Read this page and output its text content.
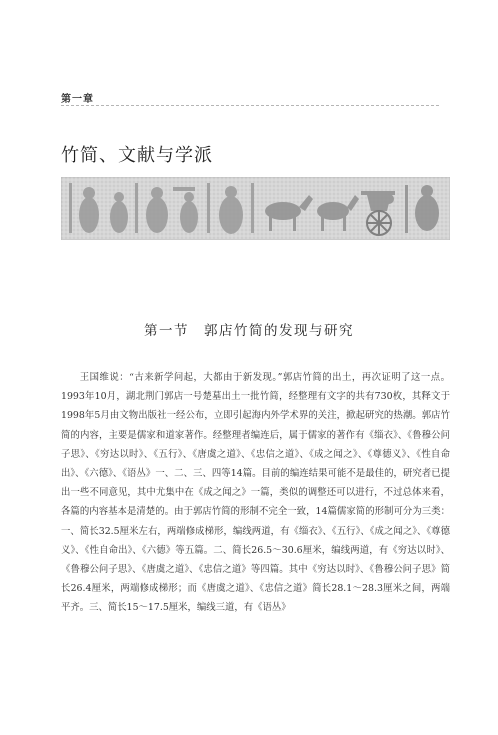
第一章
竹简、文献与学派
第一节　郭店竹简的发现与研究

王国维说：“古来新学问起，大都由于新发现。”郭店竹简的出土，再次证明了这一点。1993年10月，湖北荆门郭店一号楚墓出土一批竹简，经整理有文字的共有730枚，其释文于1998年5月由文物出版社一经公布，立即引起海内外学术界的关注，掀起研究的热潮。郭店竹简的内容，主要是儒家和道家著作。经整理者编连后，属于儒家的著作有《缁衣》、《鲁穆公问子思》、《穷达以时》、《五行》、《唐虞之道》、《忠信之道》、《成之闻之》、《尊德义》、《性自命出》、《六德》、《语丛》一、二、三、四等14篇。目前的编连结果可能不是最佳的，研究者已提出一些不同意见，其中尤集中在《成之闻之》一篇，类似的调整还可以进行，不过总体来看，各篇的内容基本是清楚的。由于郭店竹简的形制不完全一致，14篇儒家简的形制可分为三类：一、简长32.5厘米左右，两端修成梯形，编线两道，有《缁衣》、《五行》、《成之闻之》、《尊德义》、《性自命出》、《六德》等五篇。二、简长26.5～30.6厘米，编线两道，有《穷达以时》、《鲁穆公问子思》、《唐虞之道》、《忠信之道》等四篇。其中《穷达以时》、《鲁穆公问子思》简长26.4厘米，两端修成梯形；而《唐虞之道》、《忠信之道》简长28.1～28.3厘米之间，两端平齐。三、简长15～17.5厘米，编线三道，有《语丛》
